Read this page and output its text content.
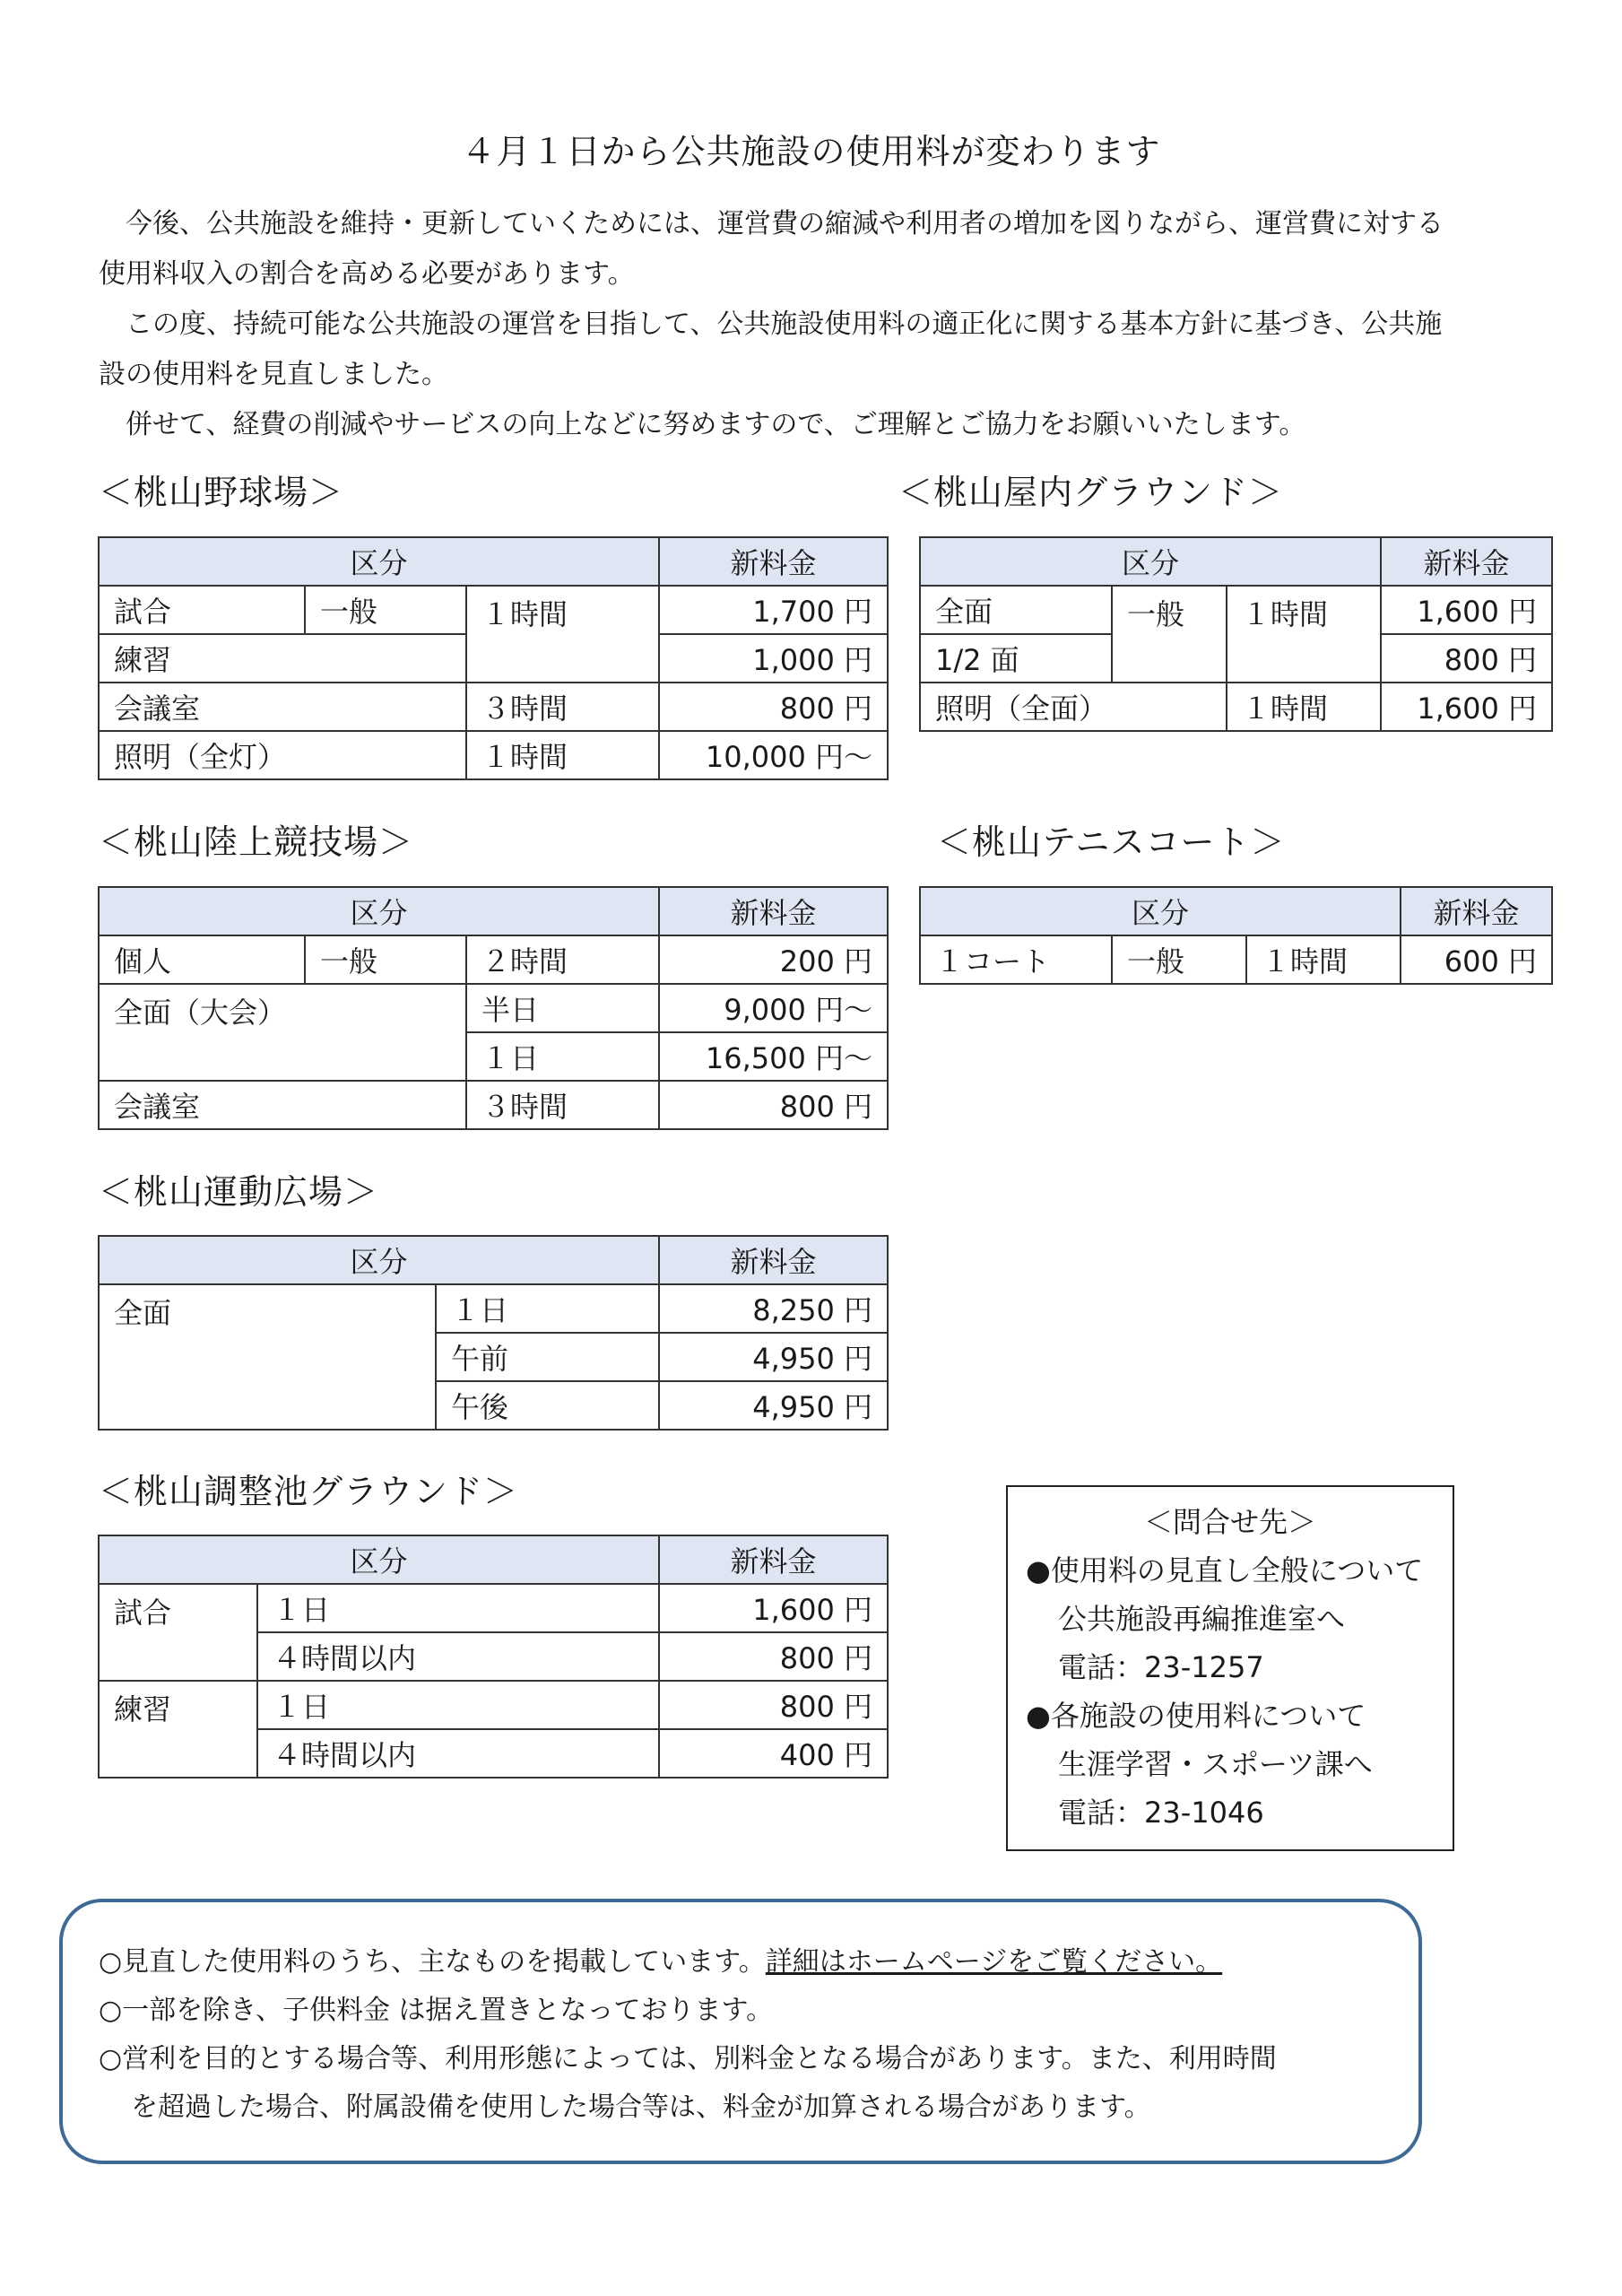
４月１日から公共施設の使用料が変わります

　今後、公共施設を維持・更新していくためには、運営費の縮減や利用者の増加を図りながら、運営費に対する

使用料収入の割合を高める必要があります。

　この度、持続可能な公共施設の運営を目指して、公共施設使用料の適正化に関する基本方針に基づき、公共施

設の使用料を見直しました。

　併せて、経費の削減やサービスの向上などに努めますので、ご理解とご協力をお願いいたします。

＜桃山野球場＞
区分			新料金
試合	一般	１時間	1,700 円
練習			1,000 円
会議室		３時間	800 円
照明（全灯）		１時間	10,000 円～
＜桃山屋内グラウンド＞
区分			新料金
全面	一般	１時間	1,600 円
1/2 面			800 円
照明（全面）		１時間	1,600 円
＜桃山陸上競技場＞
区分			新料金
個人	一般	２時間	200 円
全面（大会）		半日	9,000 円～
		１日	16,500 円～
会議室		３時間	800 円
＜桃山テニスコート＞
区分			新料金
１コート	一般	１時間	600 円
＜桃山運動広場＞
区分		新料金
全面	１日	8,250 円
	午前	4,950 円
	午後	4,950 円
＜桃山調整池グラウンド＞
区分		新料金
試合	１日	1,600 円
	４時間以内	800 円
練習	１日	800 円
	４時間以内	400 円
＜問合せ先＞
●使用料の見直し全般について
公共施設再編推進室へ
電話：23-1257
●各施設の使用料について
生涯学習・スポーツ課へ
電話：23-1046
○見直した使用料のうち、主なものを掲載しています。詳細はホームページをご覧ください。
○一部を除き、子供料金 は据え置きとなっております。
○営利を目的とする場合等、利用形態によっては、別料金となる場合があります。また、利用時間
を超過した場合、附属設備を使用した場合等は、料金が加算される場合があります。
